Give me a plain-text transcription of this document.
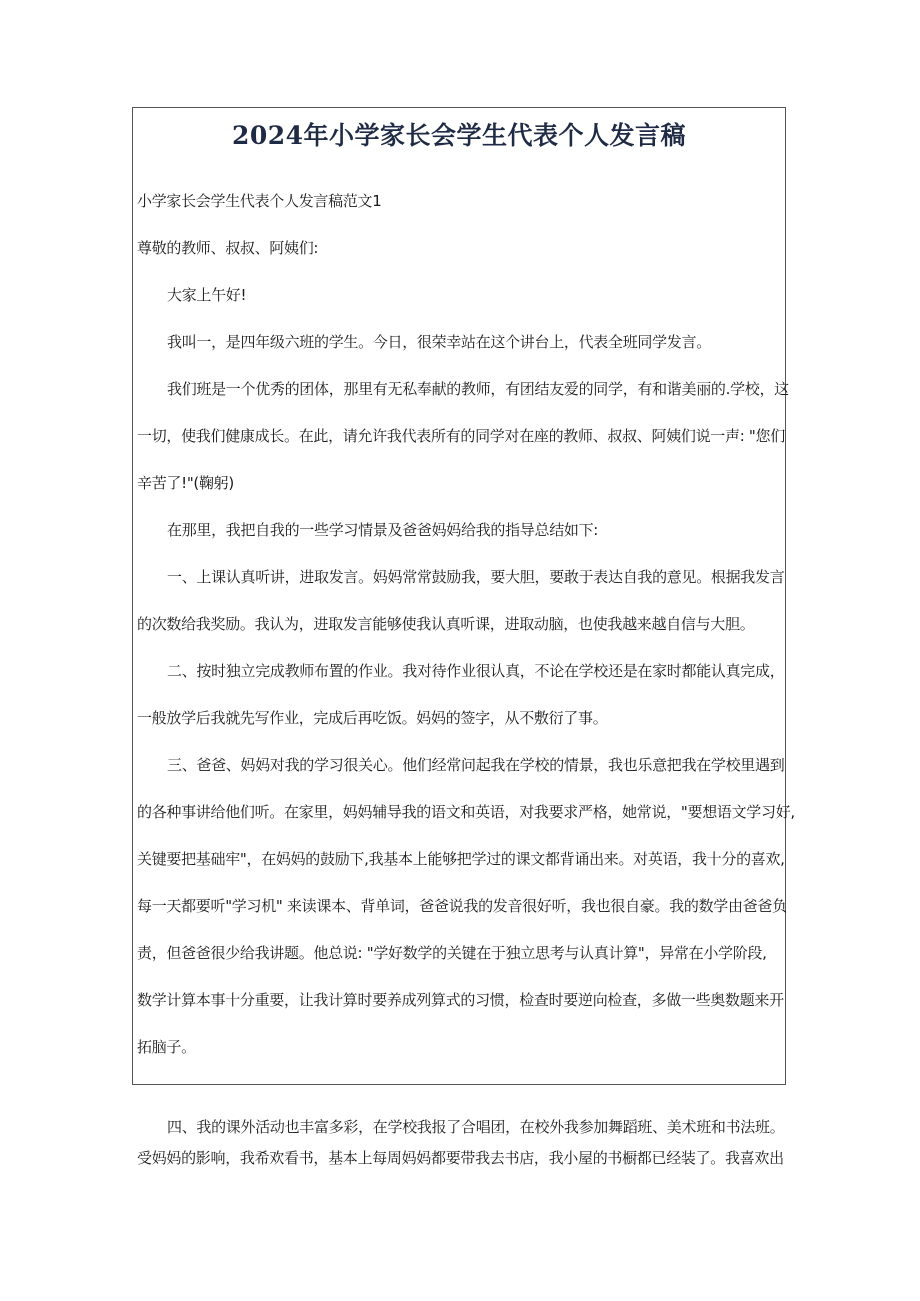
2024年小学家长会学生代表个人发言稿

小学家长会学生代表个人发言稿范文1

尊敬的教师、叔叔、阿姨们:

大家上午好!

我叫一，是四年级六班的学生。今日，很荣幸站在这个讲台上，代表全班同学发言。

我们班是一个优秀的团体，那里有无私奉献的教师，有团结友爱的同学，有和谐美丽的.学校，这

一切，使我们健康成长。在此，请允许我代表所有的同学对在座的教师、叔叔、阿姨们说一声: "您们

辛苦了!"(鞠躬)

在那里，我把自我的一些学习情景及爸爸妈妈给我的指导总结如下:

一、上课认真听讲，进取发言。妈妈常常鼓励我，要大胆，要敢于表达自我的意见。根据我发言

的次数给我奖励。我认为，进取发言能够使我认真听课，进取动脑，也使我越来越自信与大胆。

二、按时独立完成教师布置的作业。我对待作业很认真，不论在学校还是在家时都能认真完成，

一般放学后我就先写作业，完成后再吃饭。妈妈的签字，从不敷衍了事。

三、爸爸、妈妈对我的学习很关心。他们经常问起我在学校的情景，我也乐意把我在学校里遇到

的各种事讲给他们听。在家里，妈妈辅导我的语文和英语，对我要求严格，她常说，"要想语文学习好,

关键要把基础牢"，在妈妈的鼓励下,我基本上能够把学过的课文都背诵出来。对英语，我十分的喜欢,

每一天都要听"学习机" 来读课本、背单词，爸爸说我的发音很好听，我也很自豪。我的数学由爸爸负

责，但爸爸很少给我讲题。他总说: "学好数学的关键在于独立思考与认真计算"，异常在小学阶段,

数学计算本事十分重要，让我计算时要养成列算式的习惯，检查时要逆向检查，多做一些奥数题来开

拓脑子。

四、我的课外活动也丰富多彩，在学校我报了合唱团，在校外我参加舞蹈班、美术班和书法班。

受妈妈的影响，我希欢看书，基本上每周妈妈都要带我去书店，我小屋的书橱都已经装了。我喜欢出
